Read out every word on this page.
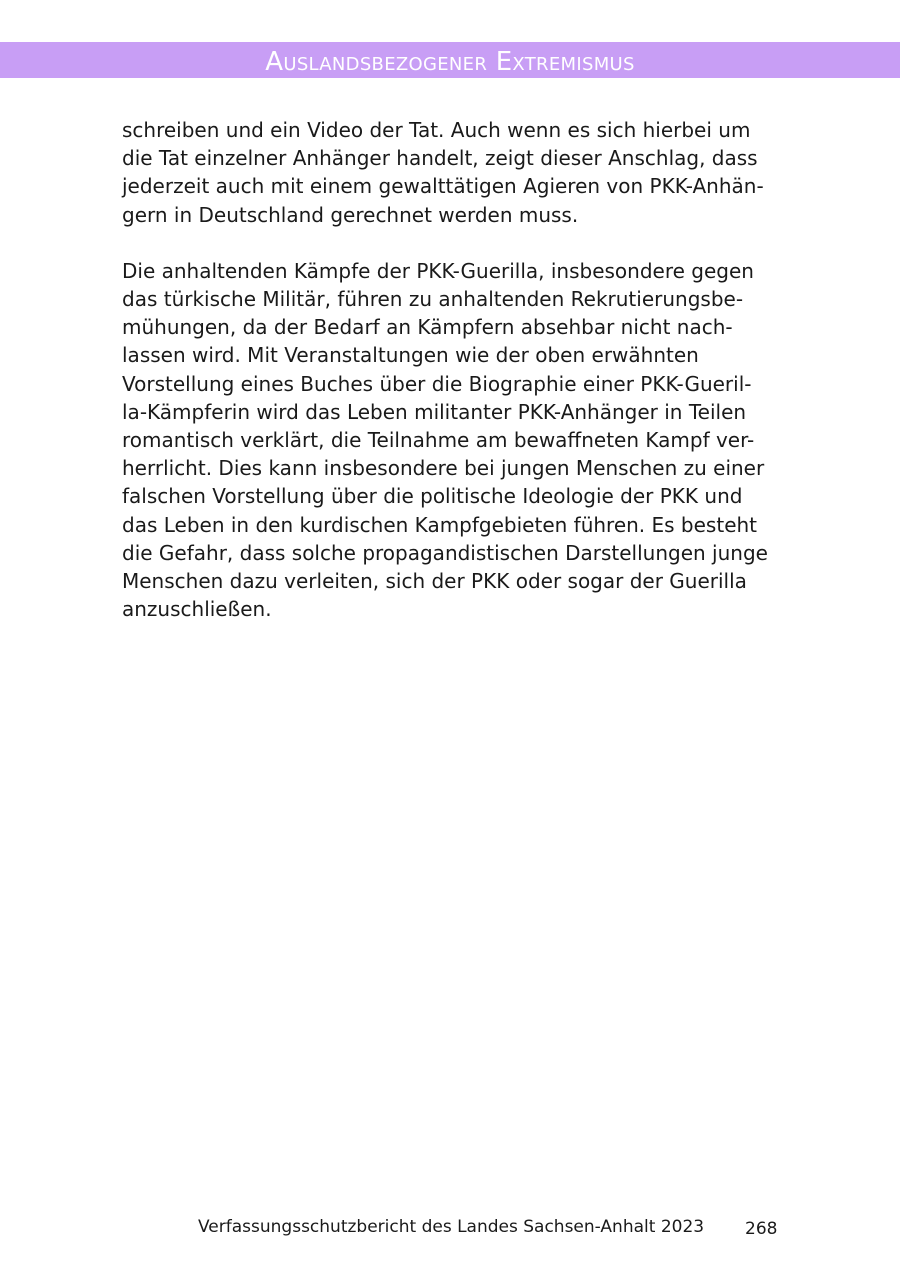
Auslandsbezogener Extremismus

schreiben und ein Video der Tat. Auch wenn es sich hierbei um
die Tat einzelner Anhänger handelt, zeigt dieser Anschlag, dass
jederzeit auch mit einem gewalttätigen Agieren von PKK-Anhän-
gern in Deutschland gerechnet werden muss.

Die anhaltenden Kämpfe der PKK-Guerilla, insbesondere gegen
das türkische Militär, führen zu anhaltenden Rekrutierungsbe-
mühungen, da der Bedarf an Kämpfern absehbar nicht nach-
lassen wird. Mit Veranstaltungen wie der oben erwähnten
Vorstellung eines Buches über die Biographie einer PKK-Gueril-
la-Kämpferin wird das Leben militanter PKK-Anhänger in Teilen
romantisch verklärt, die Teilnahme am bewaffneten Kampf ver-
herrlicht. Dies kann insbesondere bei jungen Menschen zu einer
falschen Vorstellung über die politische Ideologie der PKK und
das Leben in den kurdischen Kampfgebieten führen. Es besteht
die Gefahr, dass solche propagandistischen Darstellungen junge
Menschen dazu verleiten, sich der PKK oder sogar der Guerilla
anzuschließen.

Verfassungsschutzbericht des Landes Sachsen-Anhalt 2023 268
